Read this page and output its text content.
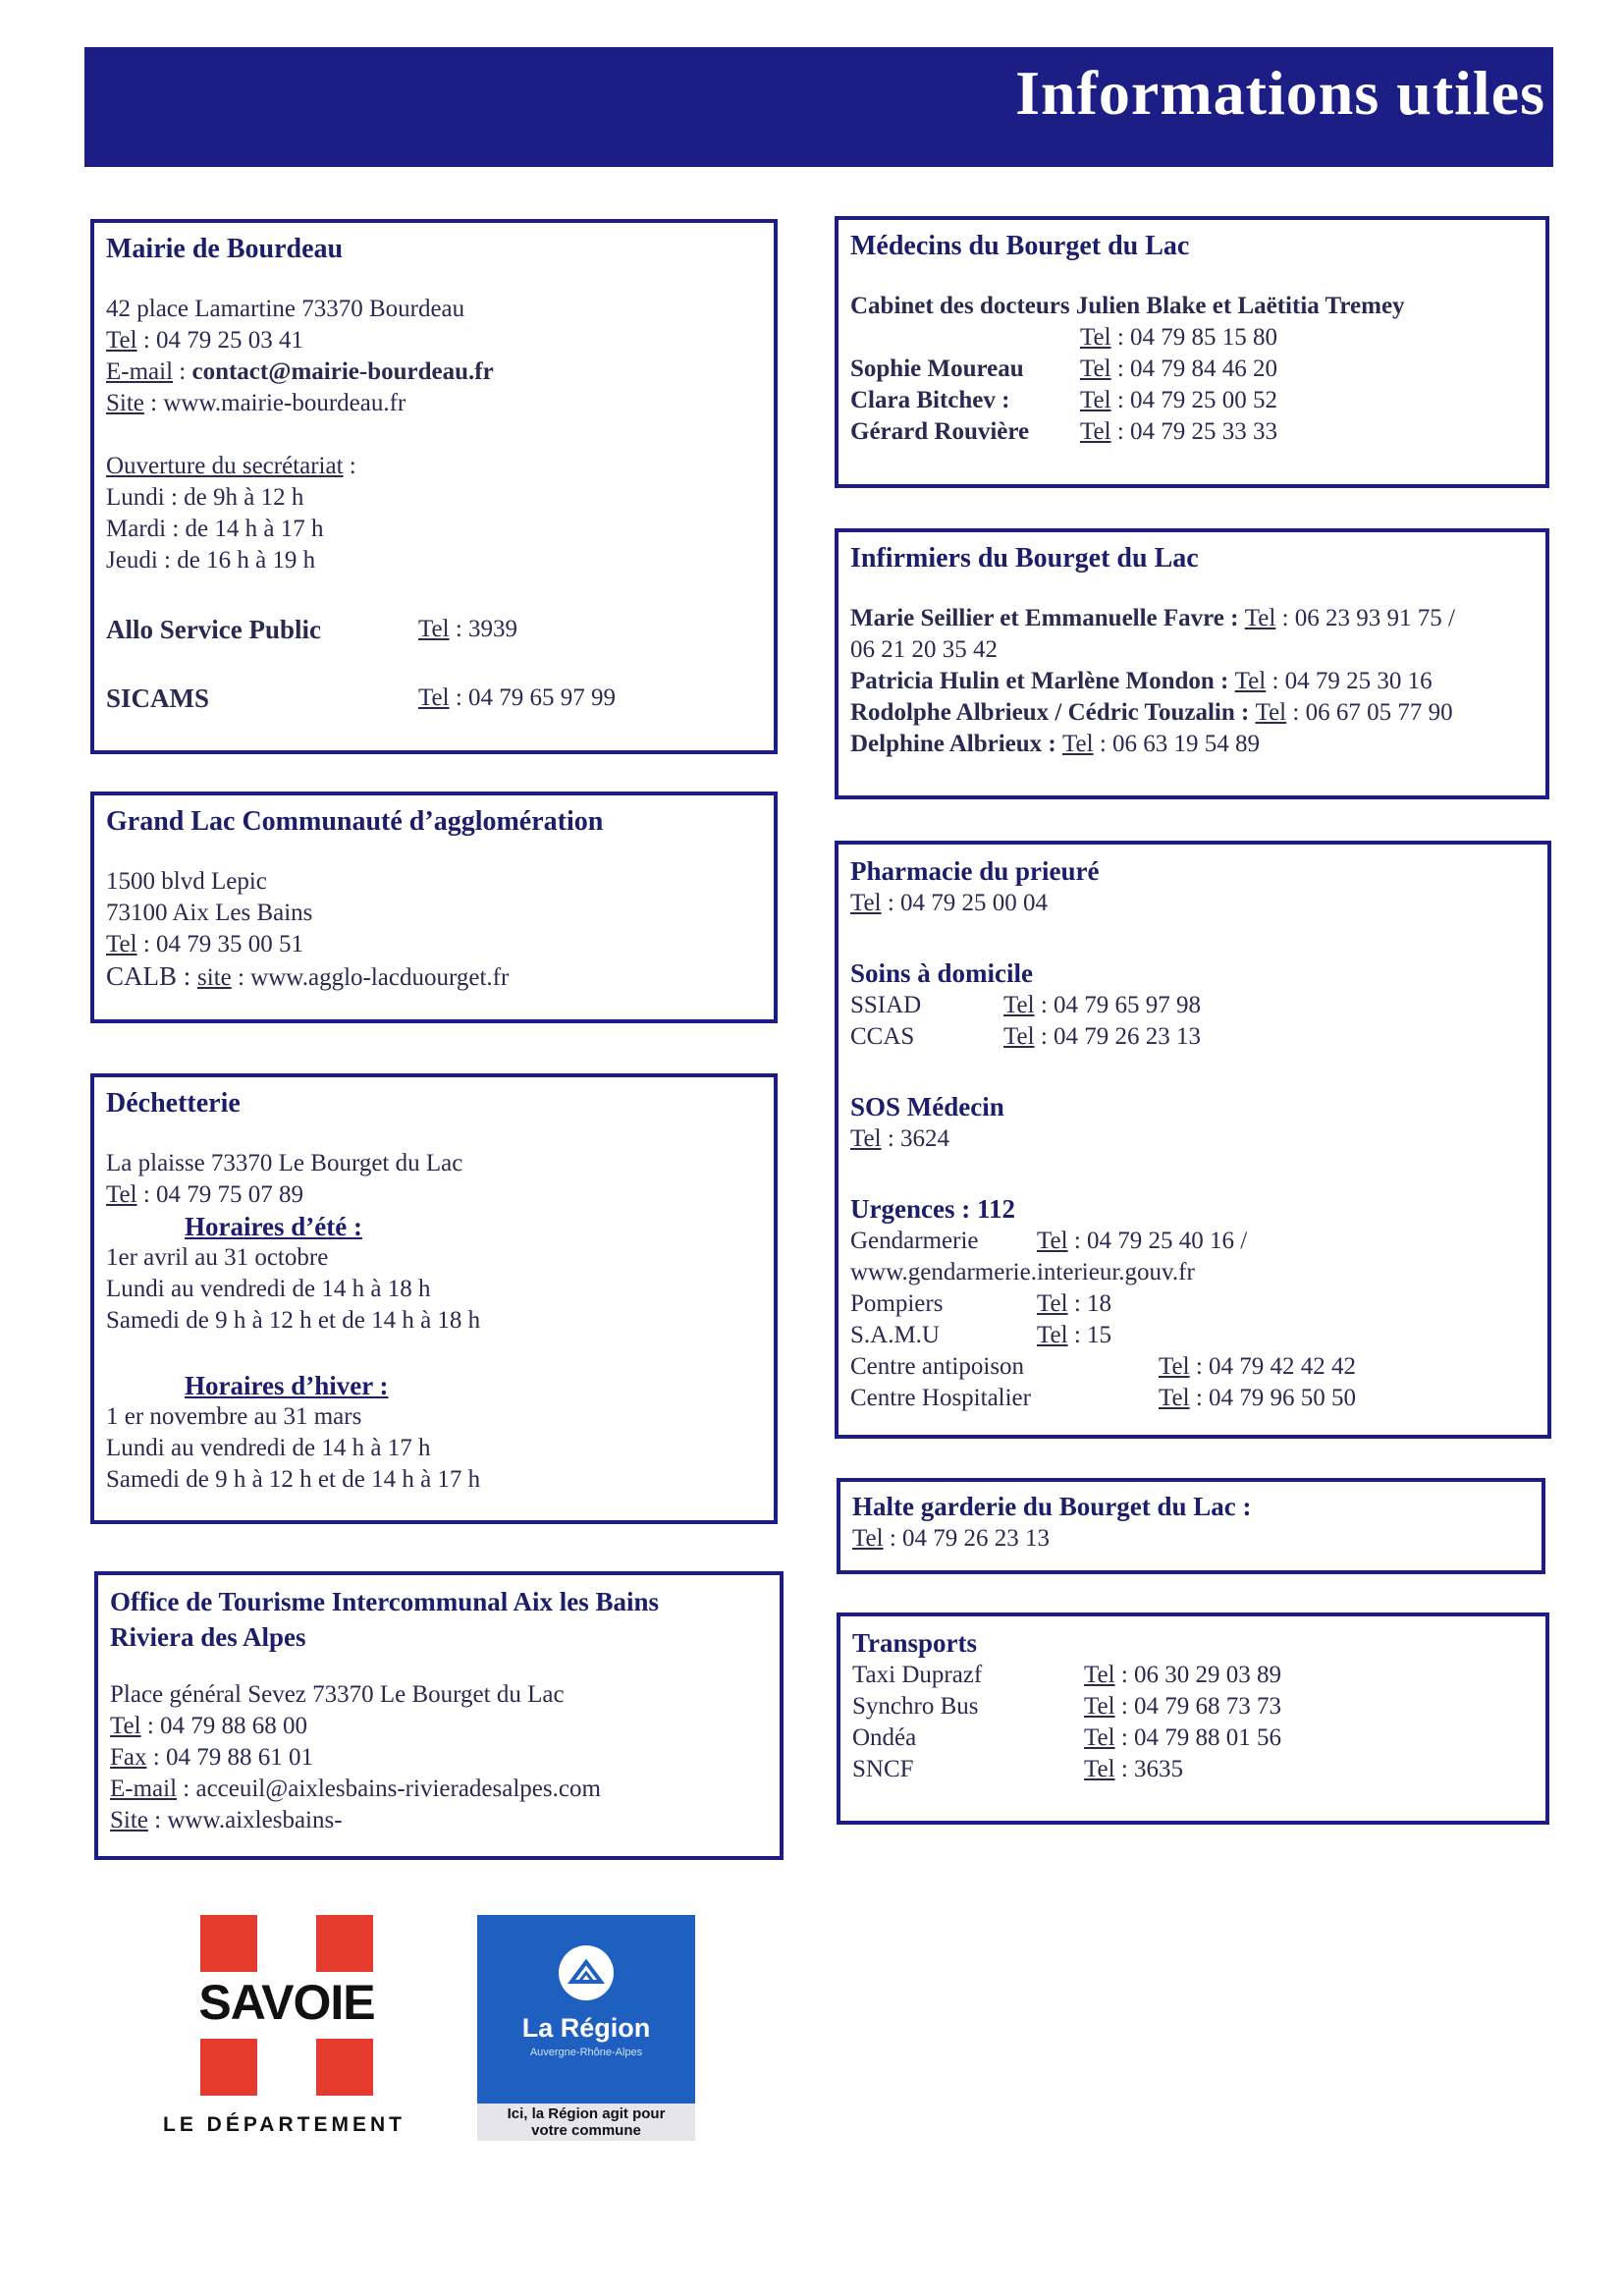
Informations utiles
Mairie de Bourdeau
42 place Lamartine 73370 Bourdeau
Tel : 04 79 25 03 41
E-mail : contact@mairie-bourdeau.fr
Site : www.mairie-bourdeau.fr
Ouverture du secrétariat :
Lundi : de 9h à 12 h
Mardi : de 14 h à 17 h
Jeudi : de 16 h à 19 h
Allo Service Public	Tel : 3939
SICAMS	Tel : 04 79 65 97 99
Grand Lac Communauté d’agglomération
1500 blvd Lepic
73100 Aix Les Bains
Tel : 04 79 35 00 51
CALB : site : www.agglo-lacduourget.fr
Déchetterie
La plaisse 73370 Le Bourget du Lac
Tel : 04 79 75 07 89
Horaires d’été :
1er avril au 31 octobre
Lundi au vendredi de 14 h à 18 h
Samedi de 9 h à 12 h et de 14 h à 18 h
Horaires d’hiver :
1 er novembre au 31 mars
Lundi au vendredi de 14 h à 17 h
Samedi de 9 h à 12 h et de 14 h à 17 h
Office de Tourisme Intercommunal Aix les Bains
Riviera des Alpes
Place général Sevez 73370 Le Bourget du Lac
Tel : 04 79 88 68 00
Fax : 04 79 88 61 01
E-mail : acceuil@aixlesbains-rivieradesalpes.com
Site : www.aixlesbains-
Médecins du Bourget du Lac
Cabinet des docteurs Julien Blake et Laëtitia Tremey
Tel : 04 79 85 15 80
Sophie Moureau Tel : 04 79 84 46 20
Clara Bitchev :	Tel : 04 79 25 00 52
Gérard Rouvière Tel : 04 79 25 33 33
Infirmiers du Bourget du Lac
Marie Seillier et Emmanuelle Favre : Tel : 06 23 93 91 75 /
06 21 20 35 42
Patricia Hulin et Marlène Mondon : Tel : 04 79 25 30 16
Rodolphe Albrieux / Cédric Touzalin : Tel : 06 67 05 77 90
Delphine Albrieux : Tel : 06 63 19 54 89
Pharmacie du prieuré
Tel : 04 79 25 00 04
Soins à domicile
SSIAD	Tel : 04 79 65 97 98
CCAS	Tel : 04 79 26 23 13
SOS Médecin
Tel : 3624
Urgences : 112
Gendarmerie Tel : 04 79 25 40 16 /
www.gendarmerie.interieur.gouv.fr
Pompiers	Tel : 18
S.A.M.U	Tel : 15
Centre antipoison	Tel : 04 79 42 42 42
Centre Hospitalier	Tel : 04 79 96 50 50
Halte garderie du Bourget du Lac :
Tel : 04 79 26 23 13
Transports
Taxi Duprazf	Tel : 06 30 29 03 89
Synchro Bus	Tel : 04 79 68 73 73
Ondéa	Tel : 04 79 88 01 56
SNCF	Tel : 3635
SAVOIE
LE DÉPARTEMENT
La Région
Auvergne-Rhône-Alpes
Ici, la Région agit pour
votre commune
